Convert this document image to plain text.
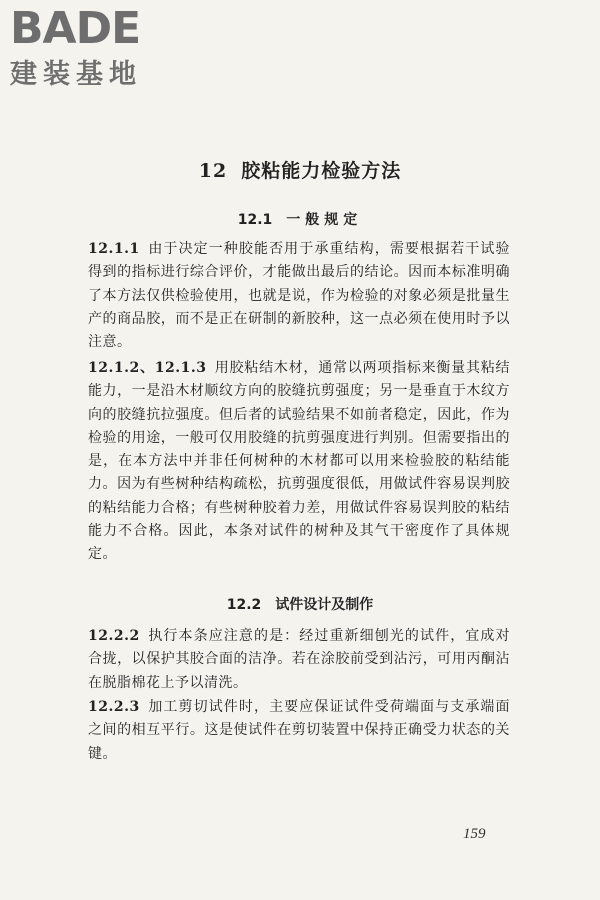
BADE
建装基地
12 胶粘能力检验方法
12.1 一般规定
12.1.1 由于决定一种胶能否用于承重结构，需要根据若干试验得到的指标进行综合评价，才能做出最后的结论。因而本标准明确了本方法仅供检验使用，也就是说，作为检验的对象必须是批量生产的商品胶，而不是正在研制的新胶种，这一点必须在使用时予以注意。
12.1.2、12.1.3 用胶粘结木材，通常以两项指标来衡量其粘结能力，一是沿木材顺纹方向的胶缝抗剪强度；另一是垂直于木纹方向的胶缝抗拉强度。但后者的试验结果不如前者稳定，因此，作为检验的用途，一般可仅用胶缝的抗剪强度进行判别。但需要指出的是，在本方法中并非任何树种的木材都可以用来检验胶的粘结能力。因为有些树种结构疏松，抗剪强度很低，用做试件容易误判胶的粘结能力合格；有些树种胶着力差，用做试件容易误判胶的粘结能力不合格。因此，本条对试件的树种及其气干密度作了具体规定。
12.2 试件设计及制作
12.2.2 执行本条应注意的是：经过重新细刨光的试件，宜成对合拢，以保护其胶合面的洁净。若在涂胶前受到沾污，可用丙酮沾在脱脂棉花上予以清洗。
12.2.3 加工剪切试件时，主要应保证试件受荷端面与支承端面之间的相互平行。这是使试件在剪切装置中保持正确受力状态的关键。
159
